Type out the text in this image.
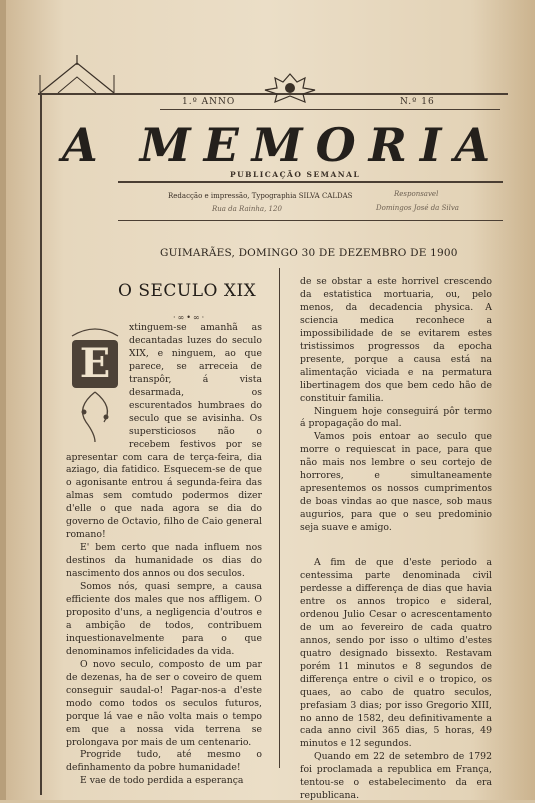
1.º ANNO	N.º 16
A MEMORIA
PUBLICAÇÃO SEMANAL
Redacção e impressão, Typographia SILVA CALDAS
Rua da Rainha, 120
Responsavel
Domingos José da Silva
GUIMARÃES, DOMINGO 30 DE DEZEMBRO DE 1900
O SECULO XIX
·∞•∞·
E

xtinguem-se amanhã as decantadas luzes do seculo XIX, e ninguem, ao que parece, se arreceia de transpôr, á vista desarmada, os escurentados humbraes do seculo que se avisinha. Os supersticiosos não o recebem festivos por se apresentar com cara de terça-feira, dia aziago, dia fatidico. Esquecem-se de que o agonisante entrou á segunda-feira das almas sem comtudo podermos dizer d'elle o que nada agora se dia do governo de Octavio, filho de Caio general romano!

E' bem certo que nada influem nos destinos da humanidade os dias do nascimento dos annos ou dos seculos.

Somos nós, quasi sempre, a causa efficiente dos males que nos affligem. O proposito d'uns, a negligencia d'outros e a ambição de todos, contribuem inquestionavelmente para o que denominamos infelicidades da vida.

O novo seculo, composto de um par de dezenas, ha de ser o coveiro de quem conseguir saudal-o! Pagar-nos-a d'este modo como todos os seculos futuros, porque lá vae e não volta mais o tempo em que a nossa vida terrena se prolongava por mais de um centenario.

Progride tudo, até mesmo o definhamento da pobre humanidade!

E vae de todo perdida a esperança

de se obstar a este horrivel crescendo da estatistica mortuaria, ou, pelo menos, da decadencia physica. A sciencia medica reconhece a impossibilidade de se evitarem estes tristissimos progressos da epocha presente, porque a causa está na alimentação viciada e na permatura libertinagem dos que bem cedo hão de constituir familia.

Ninguem hoje conseguirá pôr termo á propagação do mal.

Vamos pois entoar ao seculo que morre o requiescat in pace, para que não mais nos lembre o seu cortejo de horrores, e simultaneamente apresentemos os nossos cumprimentos de boas vindas ao que nasce, sob maus augurios, para que o seu predominio seja suave e amigo.

A fim de que d'este periodo a centessima parte denominada civil perdesse a differença de dias que havia entre os annos tropico e sideral, ordenou Julio Cesar o acrescentamento de um ao fevereiro de cada quatro annos, sendo por isso o ultimo d'estes quatro designado bissexto. Restavam porém 11 minutos e 8 segundos de differença entre o civil e o tropico, os quaes, ao cabo de quatro seculos, prefasiam 3 dias; por isso Gregorio XIII, no anno de 1582, deu definitivamente a cada anno civil 365 dias, 5 horas, 49 minutos e 12 segundos.

Quando em 22 de setembro de 1792 foi proclamada a republica em França, tentou-se o estabelecimento da era republicana.
